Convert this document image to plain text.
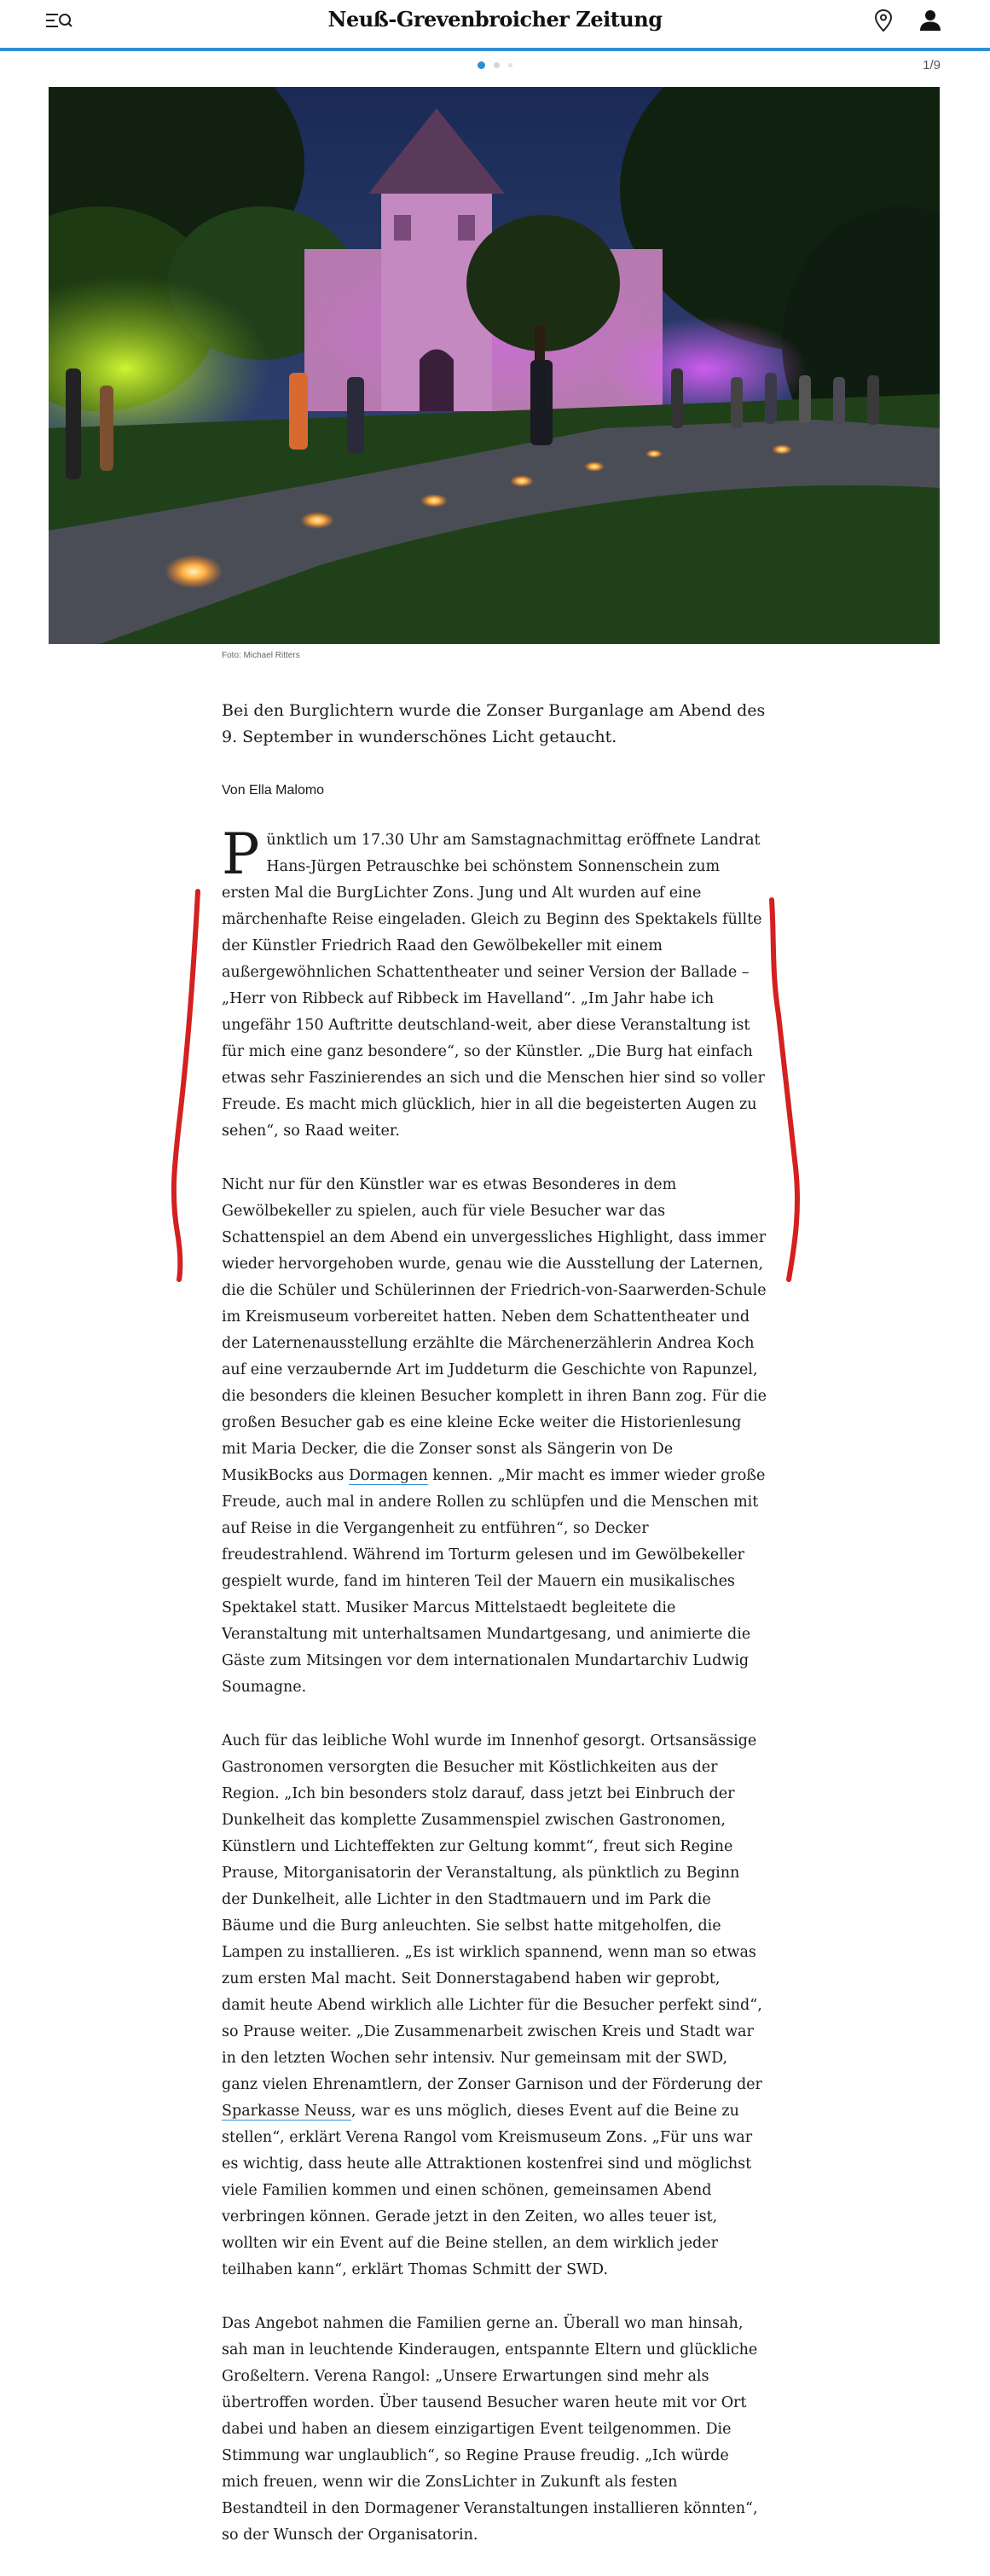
Neuß-Grevenbroicher Zeitung
1/9
Foto: Michael Ritters

Bei den Burglichtern wurde die Zonser Burganlage am Abend des 9. September in wunderschönes Licht getaucht.

Von Ella Malomo

Pünktlich um 17.30 Uhr am Samstagnachmittag eröffnete Landrat Hans-Jürgen Petrauschke bei schönstem Sonnenschein zum ersten Mal die BurgLichter Zons. Jung und Alt wurden auf eine märchenhafte Reise eingeladen. Gleich zu Beginn des Spektakels füllte der Künstler Friedrich Raad den Gewölbekeller mit einem außergewöhnlichen Schattentheater und seiner Version der Ballade – „Herr von Ribbeck auf Ribbeck im Havelland“. „Im Jahr habe ich ungefähr 150 Auftritte deutschland-weit, aber diese Veranstaltung ist für mich eine ganz besondere“, so der Künstler. „Die Burg hat einfach etwas sehr Faszinierendes an sich und die Menschen hier sind so voller Freude. Es macht mich glücklich, hier in all die begeisterten Augen zu sehen“, so Raad weiter.

Nicht nur für den Künstler war es etwas Besonderes in dem Gewölbekeller zu spielen, auch für viele Besucher war das Schattenspiel an dem Abend ein unvergessliches Highlight, dass immer wieder hervorgehoben wurde, genau wie die Ausstellung der Laternen, die die Schüler und Schülerinnen der Friedrich-von-Saarwerden-Schule im Kreismuseum vorbereitet hatten. Neben dem Schattentheater und der Laternenausstellung erzählte die Märchenerzählerin Andrea Koch auf eine verzaubernde Art im Juddeturm die Geschichte von Rapunzel, die besonders die kleinen Besucher komplett in ihren Bann zog. Für die großen Besucher gab es eine kleine Ecke weiter die Historienlesung mit Maria Decker, die die Zonser sonst als Sängerin von De MusikBocks aus Dormagen kennen. „Mir macht es immer wieder große Freude, auch mal in andere Rollen zu schlüpfen und die Menschen mit auf Reise in die Vergangenheit zu entführen“, so Decker freudestrahlend. Während im Torturm gelesen und im Gewölbekeller gespielt wurde, fand im hinteren Teil der Mauern ein musikalisches Spektakel statt. Musiker Marcus Mittelstaedt begleitete die Veranstaltung mit unterhaltsamen Mundartgesang, und animierte die Gäste zum Mitsingen vor dem internationalen Mundartarchiv Ludwig Soumagne.

Auch für das leibliche Wohl wurde im Innenhof gesorgt. Ortsansässige Gastronomen versorgten die Besucher mit Köstlichkeiten aus der Region. „Ich bin besonders stolz darauf, dass jetzt bei Einbruch der Dunkelheit das komplette Zusammenspiel zwischen Gastronomen, Künstlern und Lichteffekten zur Geltung kommt“, freut sich Regine Prause, Mitorganisatorin der Veranstaltung, als pünktlich zu Beginn der Dunkelheit, alle Lichter in den Stadtmauern und im Park die Bäume und die Burg anleuchten. Sie selbst hatte mitgeholfen, die Lampen zu installieren. „Es ist wirklich spannend, wenn man so etwas zum ersten Mal macht. Seit Donnerstagabend haben wir geprobt, damit heute Abend wirklich alle Lichter für die Besucher perfekt sind“, so Prause weiter. „Die Zusammenarbeit zwischen Kreis und Stadt war in den letzten Wochen sehr intensiv. Nur gemeinsam mit der SWD, ganz vielen Ehrenamtlern, der Zonser Garnison und der Förderung der Sparkasse Neuss, war es uns möglich, dieses Event auf die Beine zu stellen“, erklärt Verena Rangol vom Kreismuseum Zons. „Für uns war es wichtig, dass heute alle Attraktionen kostenfrei sind und möglichst viele Familien kommen und einen schönen, gemeinsamen Abend verbringen können. Gerade jetzt in den Zeiten, wo alles teuer ist, wollten wir ein Event auf die Beine stellen, an dem wirklich jeder teilhaben kann“, erklärt Thomas Schmitt der SWD.

Das Angebot nahmen die Familien gerne an. Überall wo man hinsah, sah man in leuchtende Kinderaugen, entspannte Eltern und glückliche Großeltern. Verena Rangol: „Unsere Erwartungen sind mehr als übertroffen worden. Über tausend Besucher waren heute mit vor Ort dabei und haben an diesem einzigartigen Event teilgenommen. Die Stimmung war unglaublich“, so Regine Prause freudig. „Ich würde mich freuen, wenn wir die ZonsLichter in Zukunft als festen Bestandteil in den Dormagener Veranstaltungen installieren könnten“, so der Wunsch der Organisatorin.
